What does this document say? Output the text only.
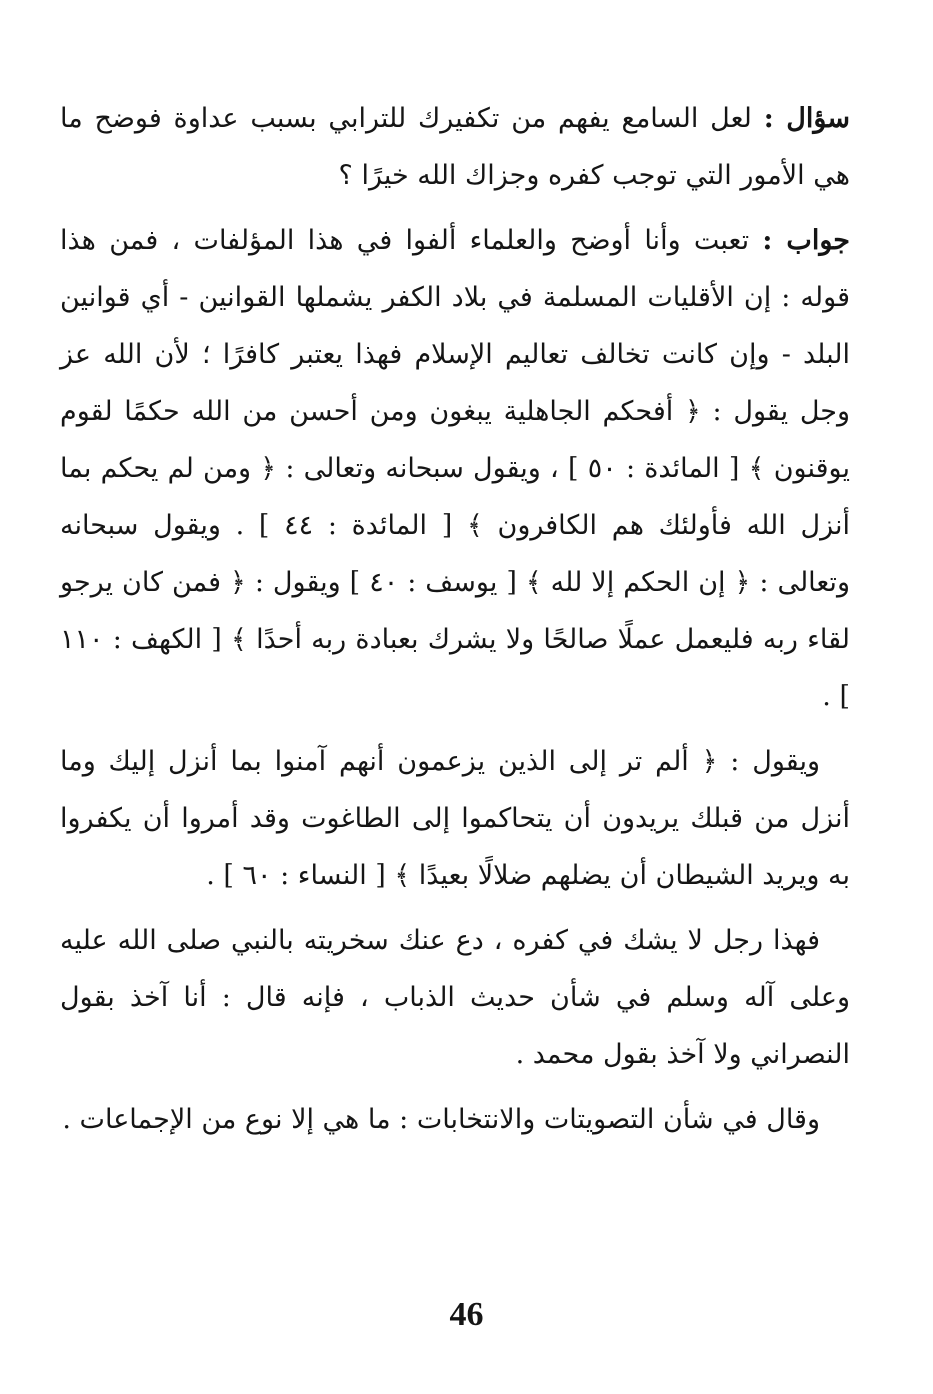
سؤال : لعل السامع يفهم من تكفيرك للترابي بسبب عداوة فوضح ما هي الأمور التي توجب كفره وجزاك الله خيرًا ؟

جواب : تعبت وأنا أوضح والعلماء ألفوا في هذا المؤلفات ، فمن هذا قوله : إن الأقليات المسلمة في بلاد الكفر يشملها القوانين - أي قوانين البلد - وإن كانت تخالف تعاليم الإسلام فهذا يعتبر كافرًا ؛ لأن الله عز وجل يقول : ﴿ أفحكم الجاهلية يبغون ومن أحسن من الله حكمًا لقوم يوقنون ﴾ [ المائدة : ٥٠ ] ، ويقول سبحانه وتعالى : ﴿ ومن لم يحكم بما أنزل الله فأولئك هم الكافرون ﴾ [ المائدة : ٤٤ ] . ويقول سبحانه وتعالى : ﴿ إن الحكم إلا لله ﴾ [ يوسف : ٤٠ ] ويقول : ﴿ فمن كان يرجو لقاء ربه فليعمل عملًا صالحًا ولا يشرك بعبادة ربه أحدًا ﴾ [ الكهف : ١١٠ ] .

ويقول : ﴿ ألم تر إلى الذين يزعمون أنهم آمنوا بما أنزل إليك وما أنزل من قبلك يريدون أن يتحاكموا إلى الطاغوت وقد أمروا أن يكفروا به ويريد الشيطان أن يضلهم ضلالًا بعيدًا ﴾ [ النساء : ٦٠ ] .

فهذا رجل لا يشك في كفره ، دع عنك سخريته بالنبي صلى الله عليه وعلى آله وسلم في شأن حديث الذباب ، فإنه قال : أنا آخذ بقول النصراني ولا آخذ بقول محمد .

وقال في شأن التصويتات والانتخابات : ما هي إلا نوع من الإجماعات .

46
